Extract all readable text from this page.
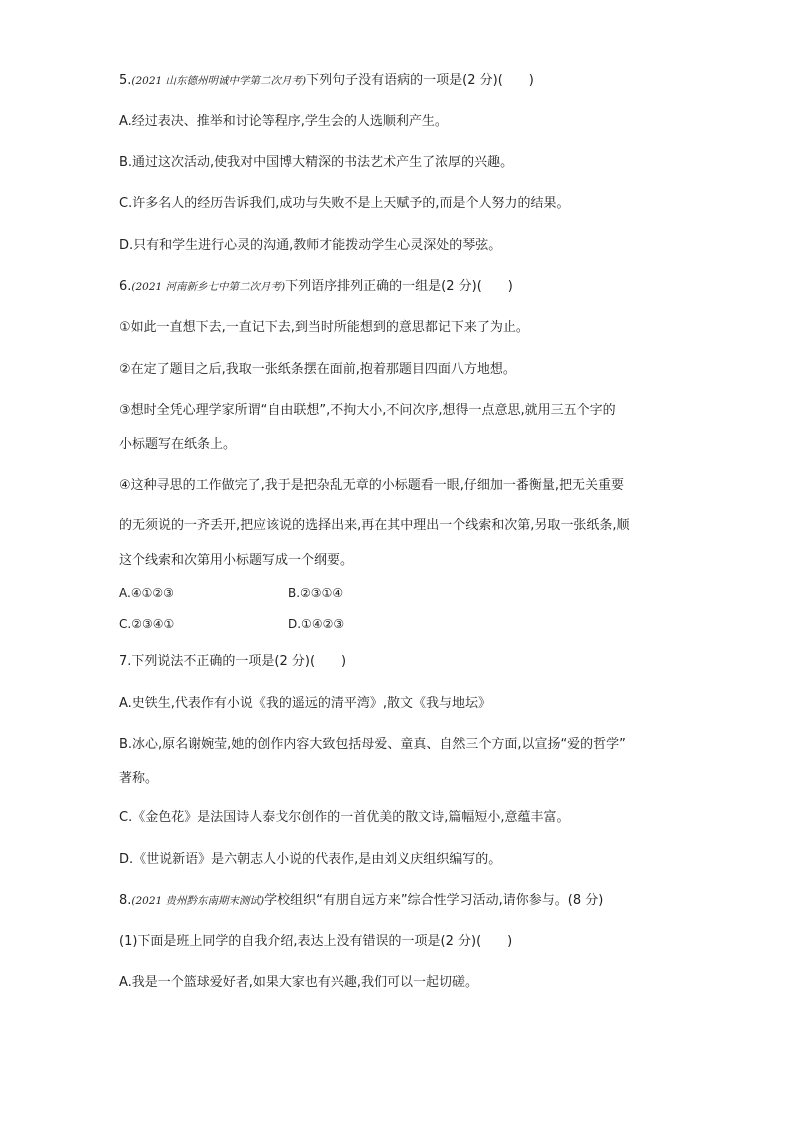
5.(2021 山东德州明诚中学第二次月考)下列句子没有语病的一项是(2 分)(　　)
A.经过表决、推举和讨论等程序,学生会的人选顺利产生。
B.通过这次活动,使我对中国博大精深的书法艺术产生了浓厚的兴趣。
C.许多名人的经历告诉我们,成功与失败不是上天赋予的,而是个人努力的结果。
D.只有和学生进行心灵的沟通,教师才能拨动学生心灵深处的琴弦。
6.(2021 河南新乡七中第二次月考)下列语序排列正确的一组是(2 分)(　　)
①如此一直想下去,一直记下去,到当时所能想到的意思都记下来了为止。
②在定了题目之后,我取一张纸条摆在面前,抱着那题目四面八方地想。
③想时全凭心理学家所谓“自由联想”,不拘大小,不问次序,想得一点意思,就用三五个字的
小标题写在纸条上。
④这种寻思的工作做完了,我于是把杂乱无章的小标题看一眼,仔细加一番衡量,把无关重要
的无须说的一齐丢开,把应该说的选择出来,再在其中理出一个线索和次第,另取一张纸条,顺
这个线索和次第用小标题写成一个纲要。
A.④①②③	B.②③①④
C.②③④①	D.①④②③
7.下列说法不正确的一项是(2 分)(　　)
A.史铁生,代表作有小说《我的遥远的清平湾》,散文《我与地坛》
B.冰心,原名谢婉莹,她的创作内容大致包括母爱、童真、自然三个方面,以宣扬“爱的哲学”
著称。
C.《金色花》是法国诗人泰戈尔创作的一首优美的散文诗,篇幅短小,意蕴丰富。
D.《世说新语》是六朝志人小说的代表作,是由刘义庆组织编写的。
8.(2021 贵州黔东南期末测试)学校组织“有朋自远方来”综合性学习活动,请你参与。(8 分)
(1)下面是班上同学的自我介绍,表达上没有错误的一项是(2 分)(　　)
A.我是一个篮球爱好者,如果大家也有兴趣,我们可以一起切磋。
